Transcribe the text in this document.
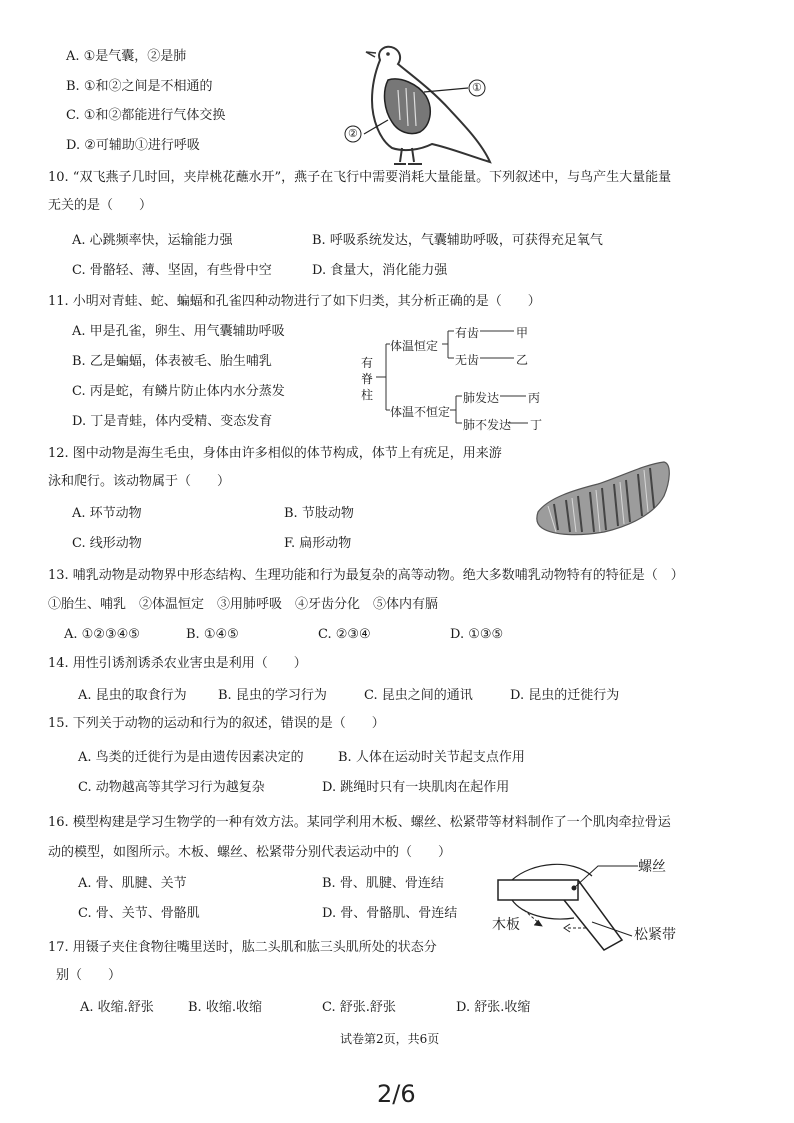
A. ①是气囊，②是肺
B. ①和②之间是不相通的
C. ①和②都能进行气体交换
D. ②可辅助①进行呼吸
①
②
10. “双飞燕子几时回，夹岸桃花蘸水开”，燕子在飞行中需要消耗大量能量。下列叙述中，与鸟产生大量能量
无关的是（　　）
A. 心跳频率快，运输能力强	B. 呼吸系统发达，气囊辅助呼吸，可获得充足氧气
C. 骨骼轻、薄、坚固，有些骨中空	D. 食量大，消化能力强
11. 小明对青蛙、蛇、蝙蝠和孔雀四种动物进行了如下归类，其分析正确的是（　　）
A. 甲是孔雀，卵生、用气囊辅助呼吸
B. 乙是蝙蝠，体表被毛、胎生哺乳
C. 丙是蛇，有鳞片防止体内水分蒸发
D. 丁是青蛙，体内受精、变态发育
有
脊
柱
体温恒定
体温不恒定
有齿
无齿
肺发达
肺不发达
甲
乙
丙
丁
12. 图中动物是海生毛虫，身体由许多相似的体节构成，体节上有疣足，用来游
泳和爬行。该动物属于（　　）
A. 环节动物	B. 节肢动物
C. 线形动物	F. 扁形动物
13. 哺乳动物是动物界中形态结构、生理功能和行为最复杂的高等动物。绝大多数哺乳动物特有的特征是（　）
①胎生、哺乳　②体温恒定　③用肺呼吸　④牙齿分化　⑤体内有膈
A. ①②③④⑤	B. ①④⑤	C. ②③④	D. ①③⑤
14. 用性引诱剂诱杀农业害虫是利用（　　）
A. 昆虫的取食行为 B. 昆虫的学习行为	C. 昆虫之间的通讯	D. 昆虫的迁徙行为
15. 下列关于动物的运动和行为的叙述，错误的是（　　）
A. 鸟类的迁徙行为是由遗传因素决定的	B. 人体在运动时关节起支点作用
C. 动物越高等其学习行为越复杂	D. 跳绳时只有一块肌肉在起作用
16. 模型构建是学习生物学的一种有效方法。某同学利用木板、螺丝、松紧带等材料制作了一个肌肉牵拉骨运
动的模型，如图所示。木板、螺丝、松紧带分别代表运动中的（　　）
A. 骨、肌腱、关节	B. 骨、肌腱、骨连结
C. 骨、关节、骨骼肌	D. 骨、骨骼肌、骨连结
螺丝
木板
松紧带
17. 用镊子夹住食物往嘴里送时，肱二头肌和肱三头肌所处的状态分
别（　　）
A. 收缩.舒张	B. 收缩.收缩	C. 舒张.舒张	D. 舒张.收缩
试卷第2页，共6页
2/6
